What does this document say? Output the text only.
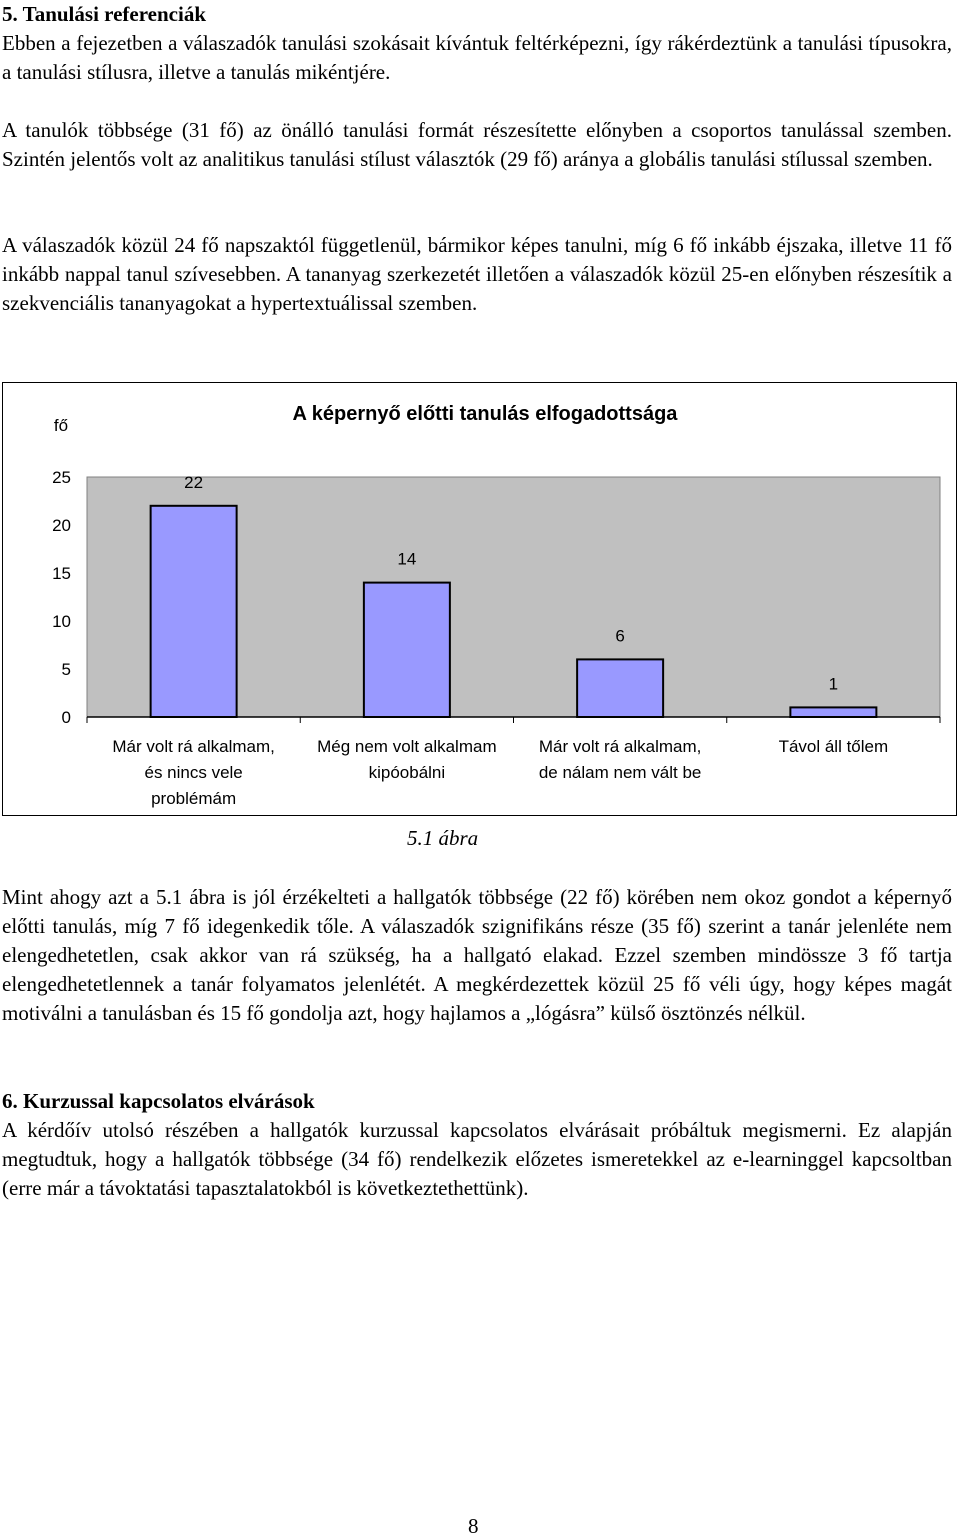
5. Tanulási referenciák

Ebben a fejezetben a válaszadók tanulási szokásait kívántuk feltérképezni, így rákérdeztünk a tanulási típusokra, a tanulási stílusra, illetve a tanulás mikéntjére.

A tanulók többsége (31 fő) az önálló tanulási formát részesítette előnyben a csoportos tanulással szemben. Szintén jelentős volt az analitikus tanulási stílust választók (29 fő) aránya a globális tanulási stílussal szemben.

A válaszadók közül 24 fő napszaktól függetlenül, bármikor képes tanulni, míg 6 fő inkább éjszaka, illetve 11 fő inkább nappal tanul szívesebben. A tananyag szerkezetét illetően a válaszadók közül 25-en előnyben részesítik a szekvenciális tananyagokat a hypertextuálissal szemben.

A képernyő előtti tanulás elfogadottsága
fő
0
5
10
15
20
25	22
Már volt rá alkalmam,
és nincs vele
problémám
14
Még nem volt alkalmam
kipóobálni
6
Már volt rá alkalmam,
de nálam nem vált be
1
Távol áll tőlem
5.1 ábra

Mint ahogy azt a 5.1 ábra is jól érzékelteti a hallgatók többsége (22 fő) körében nem okoz gondot a képernyő előtti tanulás, míg 7 fő idegenkedik tőle. A válaszadók szignifikáns része (35 fő) szerint a tanár jelenléte nem elengedhetetlen, csak akkor van rá szükség, ha a hallgató elakad. Ezzel szemben mindössze 3 fő tartja elengedhetetlennek a tanár folyamatos jelenlétét. A megkérdezettek közül 25 fő véli úgy, hogy képes magát motiválni a tanulásban és 15 fő gondolja azt, hogy hajlamos a „lógásra” külső ösztönzés nélkül.

6. Kurzussal kapcsolatos elvárások

A kérdőív utolsó részében a hallgatók kurzussal kapcsolatos elvárásait próbáltuk megismerni. Ez alapján megtudtuk, hogy a hallgatók többsége (34 fő) rendelkezik előzetes ismeretekkel az e-learninggel kapcsoltban (erre már a távoktatási tapasztalatokból is következtethettünk).

8
